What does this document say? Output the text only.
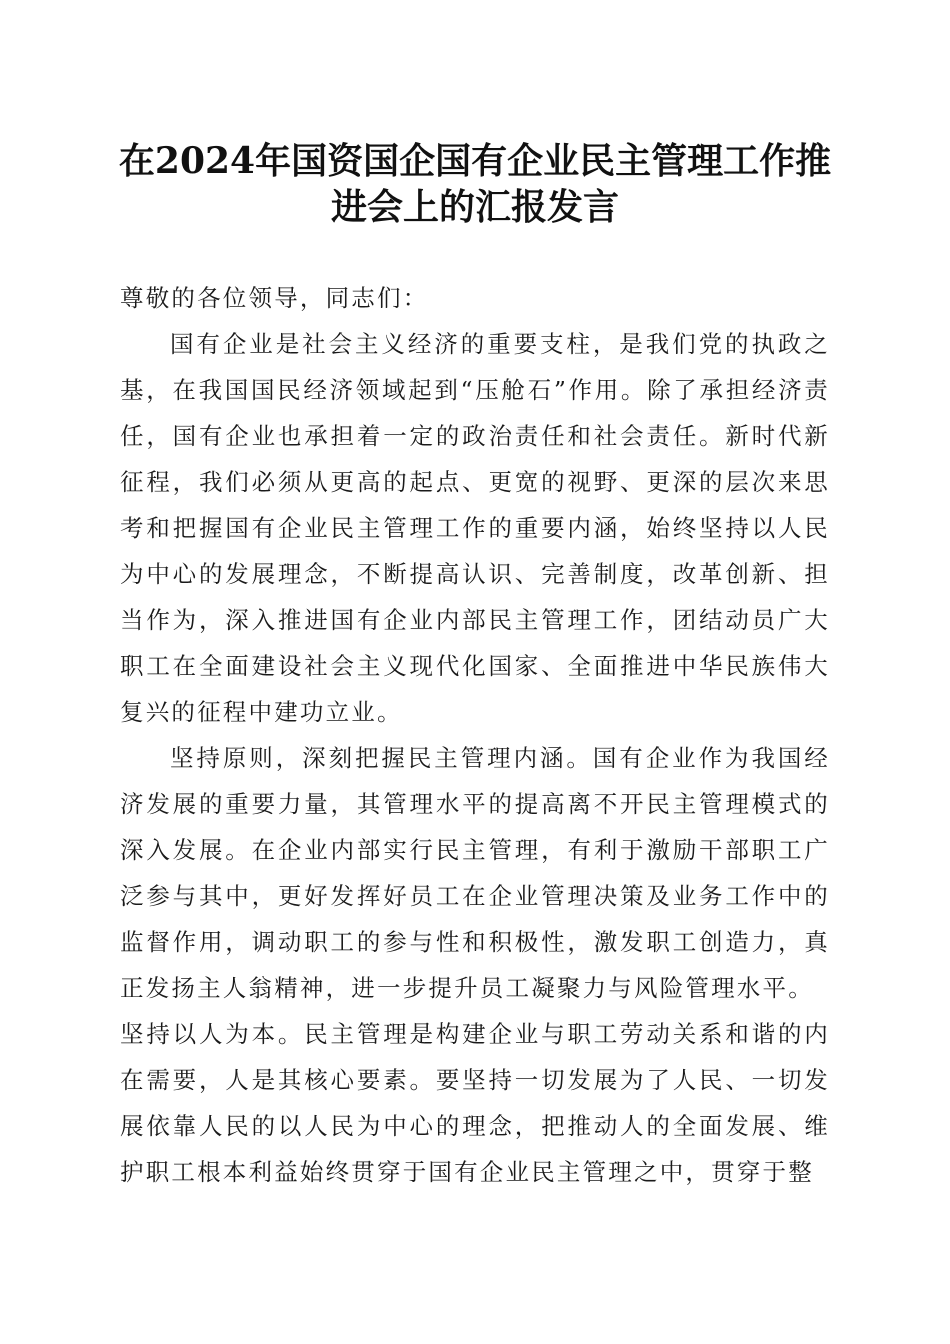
在2024年国资国企国有企业民主管理工作推进会上的汇报发言

尊敬的各位领导，同志们：

国有企业是社会主义经济的重要支柱，是我们党的执政之基，在我国国民经济领域起到“压舱石”作用。除了承担经济责任，国有企业也承担着一定的政治责任和社会责任。新时代新征程，我们必须从更高的起点、更宽的视野、更深的层次来思考和把握国有企业民主管理工作的重要内涵，始终坚持以人民为中心的发展理念，不断提高认识、完善制度，改革创新、担当作为，深入推进国有企业内部民主管理工作，团结动员广大职工在全面建设社会主义现代化国家、全面推进中华民族伟大复兴的征程中建功立业。

坚持原则，深刻把握民主管理内涵。国有企业作为我国经济发展的重要力量，其管理水平的提高离不开民主管理模式的深入发展。在企业内部实行民主管理，有利于激励干部职工广泛参与其中，更好发挥好员工在企业管理决策及业务工作中的监督作用，调动职工的参与性和积极性，激发职工创造力，真正发扬主人翁精神，进一步提升员工凝聚力与风险管理水平。

坚持以人为本。民主管理是构建企业与职工劳动关系和谐的内在需要，人是其核心要素。要坚持一切发展为了人民、一切发展依靠人民的以人民为中心的理念，把推动人的全面发展、维护职工根本利益始终贯穿于国有企业民主管理之中，贯穿于整
